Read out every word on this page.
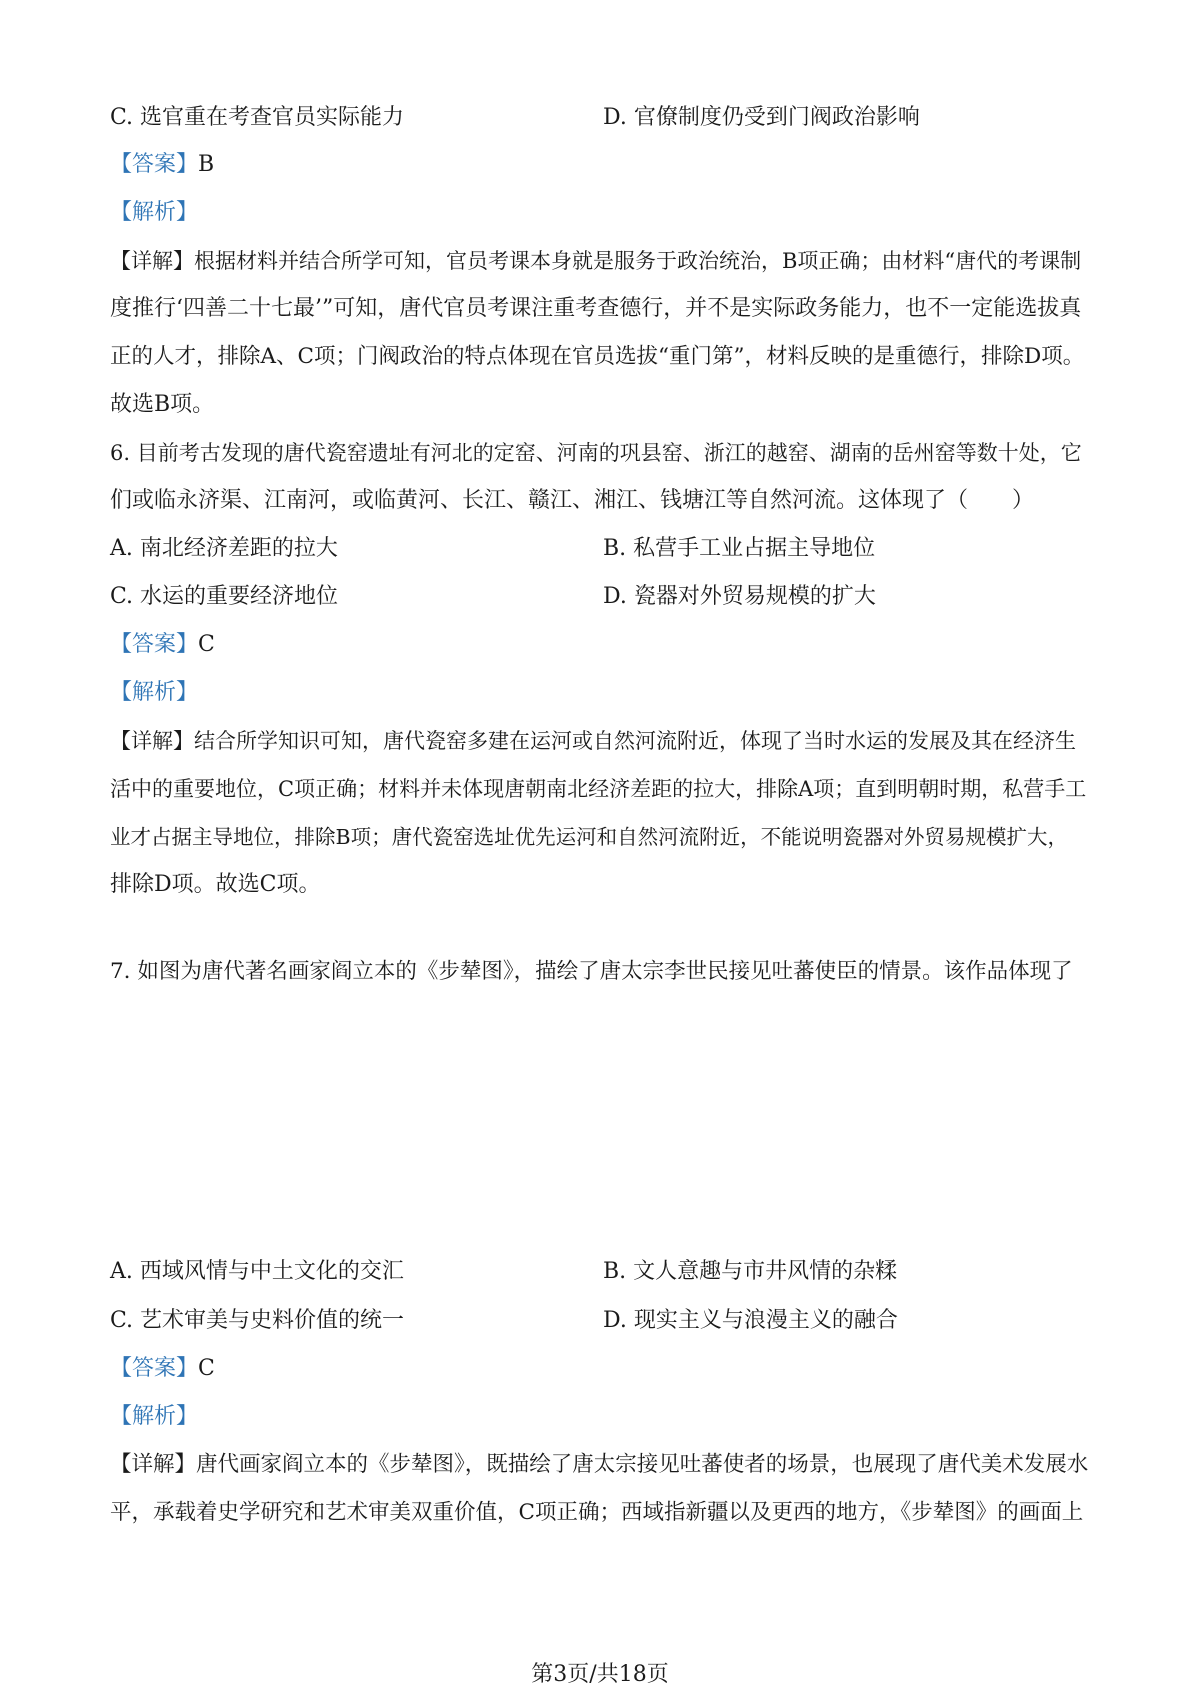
C. 选官重在考查官员实际能力	D. 官僚制度仍受到门阀政治影响
【答案】B
【解析】
【详解】根据材料并结合所学可知，官员考课本身就是服务于政治统治，B项正确；由材料“唐代的考课制
度推行‘四善二十七最’”可知，唐代官员考课注重考查德行，并不是实际政务能力，也不一定能选拔真
正的人才，排除A、C项；门阀政治的特点体现在官员选拔“重门第”，材料反映的是重德行，排除D项。
故选B项。
6. 目前考古发现的唐代瓷窑遗址有河北的定窑、河南的巩县窑、浙江的越窑、湖南的岳州窑等数十处，它
们或临永济渠、江南河，或临黄河、长江、赣江、湘江、钱塘江等自然河流。这体现了（　　）
A. 南北经济差距的拉大	B. 私营手工业占据主导地位
C. 水运的重要经济地位	D. 瓷器对外贸易规模的扩大
【答案】C
【解析】
【详解】结合所学知识可知，唐代瓷窑多建在运河或自然河流附近，体现了当时水运的发展及其在经济生
活中的重要地位，C项正确；材料并未体现唐朝南北经济差距的拉大，排除A项；直到明朝时期，私营手工
业才占据主导地位，排除B项；唐代瓷窑选址优先运河和自然河流附近，不能说明瓷器对外贸易规模扩大，
排除D项。故选C项。
7. 如图为唐代著名画家阎立本的《步辇图》，描绘了唐太宗李世民接见吐蕃使臣的情景。该作品体现了
A. 西域风情与中土文化的交汇	B. 文人意趣与市井风情的杂糅
C. 艺术审美与史料价值的统一	D. 现实主义与浪漫主义的融合
【答案】C
【解析】
【详解】唐代画家阎立本的《步辇图》，既描绘了唐太宗接见吐蕃使者的场景，也展现了唐代美术发展水
平，承载着史学研究和艺术审美双重价值，C项正确；西域指新疆以及更西的地方，《步辇图》的画面上
第3页/共18页
